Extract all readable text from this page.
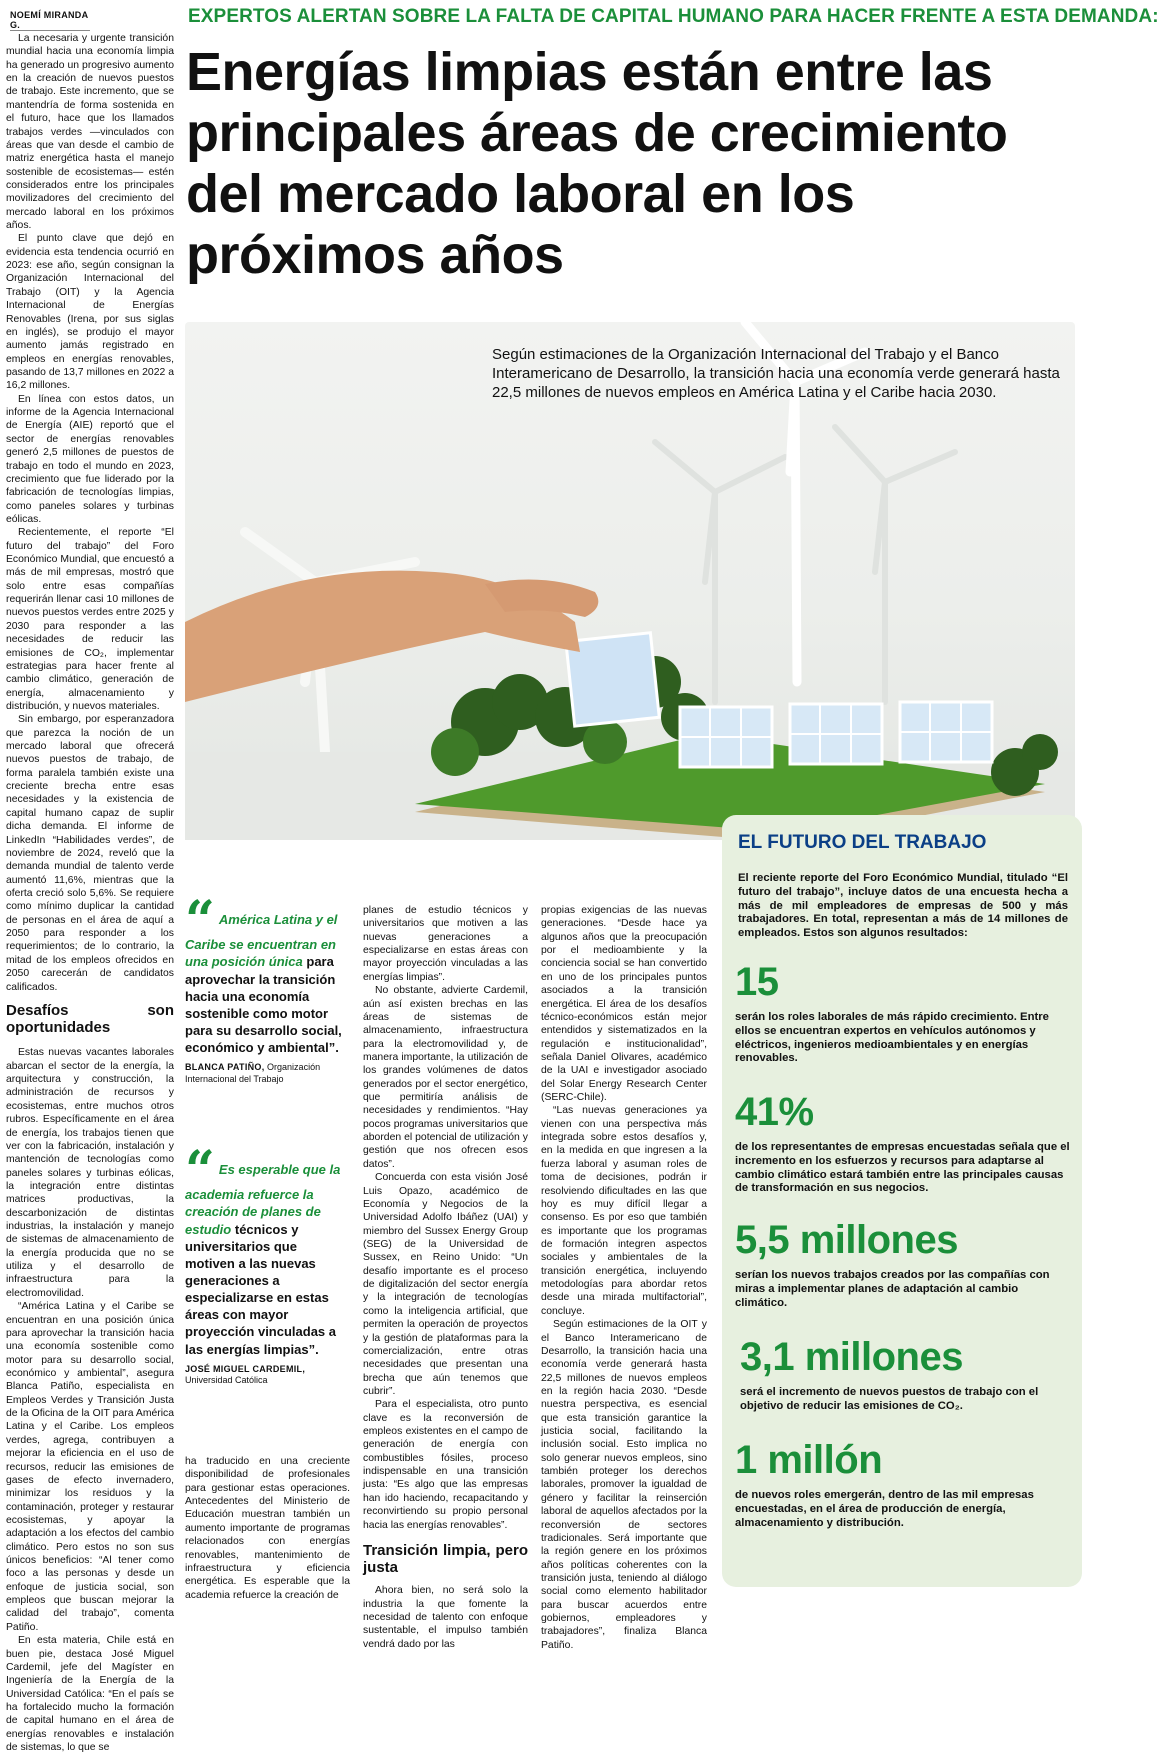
NOEMÍ MIRANDA G.	EXPERTOS ALERTAN SOBRE LA FALTA DE CAPITAL HUMANO PARA HACER FRENTE A ESTA DEMANDA:
Energías limpias están entre las principales áreas de crecimiento del mercado laboral en los próximos años

La necesaria y urgente transición mundial hacia una economía limpia ha generado un progresivo aumento en la creación de nuevos puestos de trabajo. Este incremento, que se mantendría de forma sostenida en el futuro, hace que los llamados trabajos verdes —vinculados con áreas que van desde el cambio de matriz energética hasta el manejo sostenible de ecosistemas— estén considerados entre los principales movilizadores del crecimiento del mercado laboral en los próximos años.

El punto clave que dejó en evidencia esta tendencia ocurrió en 2023: ese año, según consignan la Organización Internacional del Trabajo (OIT) y la Agencia Internacional de Energías Renovables (Irena, por sus siglas en inglés), se produjo el mayor aumento jamás registrado en empleos en energías renovables, pasando de 13,7 millones en 2022 a 16,2 millones.

En línea con estos datos, un informe de la Agencia Internacional de Energía (AIE) reportó que el sector de energías renovables generó 2,5 millones de puestos de trabajo en todo el mundo en 2023, crecimiento que fue liderado por la fabricación de tecnologías limpias, como paneles solares y turbinas eólicas.

Recientemente, el reporte “El futuro del trabajo” del Foro Económico Mundial, que encuestó a más de mil empresas, mostró que solo entre esas compañías requerirán llenar casi 10 millones de nuevos puestos verdes entre 2025 y 2030 para responder a las necesidades de reducir las emisiones de CO₂, implementar estrategias para hacer frente al cambio climático, generación de energía, almacenamiento y distribución, y nuevos materiales.

Sin embargo, por esperanzadora que parezca la noción de un mercado laboral que ofrecerá nuevos puestos de trabajo, de forma paralela también existe una creciente brecha entre esas necesidades y la existencia de capital humano capaz de suplir dicha demanda. El informe de LinkedIn “Habilidades verdes”, de noviembre de 2024, reveló que la demanda mundial de talento verde aumentó 11,6%, mientras que la oferta creció solo 5,6%. Se requiere como mínimo duplicar la cantidad de personas en el área de aquí a 2050 para responder a los requerimientos; de lo contrario, la mitad de los empleos ofrecidos en 2050 carecerán de candidatos calificados.

Desafíos son oportunidades

Estas nuevas vacantes laborales abarcan el sector de la energía, la arquitectura y construcción, la administración de recursos y ecosistemas, entre muchos otros rubros. Específicamente en el área de energía, los trabajos tienen que ver con la fabricación, instalación y mantención de tecnologías como paneles solares y turbinas eólicas, la integración entre distintas matrices productivas, la descarbonización de distintas industrias, la instalación y manejo de sistemas de almacenamiento de la energía producida que no se utiliza y el desarrollo de infraestructura para la electromovilidad.

“América Latina y el Caribe se encuentran en una posición única para aprovechar la transición hacia una economía sostenible como motor para su desarrollo social, económico y ambiental”, asegura Blanca Patiño, especialista en Empleos Verdes y Transición Justa de la Oficina de la OIT para América Latina y el Caribe. Los empleos verdes, agrega, contribuyen a mejorar la eficiencia en el uso de recursos, reducir las emisiones de gases de efecto invernadero, minimizar los residuos y la contaminación, proteger y restaurar ecosistemas, y apoyar la adaptación a los efectos del cambio climático. Pero estos no son sus únicos beneficios: “Al tener como foco a las personas y desde un enfoque de justicia social, son empleos que buscan mejorar la calidad del trabajo”, comenta Patiño.

En esta materia, Chile está en buen pie, destaca José Miguel Cardemil, jefe del Magíster en Ingeniería de la Energía de la Universidad Católica: “En el país se ha fortalecido mucho la formación de capital humano en el área de energías renovables e instalación de sistemas, lo que se

Según estimaciones de la Organización Internacional del Trabajo y el Banco Interamericano de Desarrollo, la transición hacia una economía verde generará hasta 22,5 millones de nuevos empleos en América Latina y el Caribe hacia 2030.
“ América Latina y el Caribe se encuentran en una posición única para aprovechar la transición hacia una economía sostenible como motor para su desarrollo social, económico y ambiental”.
BLANCA PATIÑO, Organización Internacional del Trabajo
“ Es esperable que la academia refuerce la creación de planes de estudio técnicos y universitarios que motiven a las nuevas generaciones a especializarse en estas áreas con mayor proyección vinculadas a las energías limpias”.
JOSÉ MIGUEL CARDEMIL, Universidad Católica

ha traducido en una creciente disponibilidad de profesionales para gestionar estas operaciones. Antecedentes del Ministerio de Educación muestran también un aumento importante de programas relacionados con energías renovables, mantenimiento de infraestructura y eficiencia energética. Es esperable que la academia refuerce la creación de

planes de estudio técnicos y universitarios que motiven a las nuevas generaciones a especializarse en estas áreas con mayor proyección vinculadas a las energías limpias”.

No obstante, advierte Cardemil, aún así existen brechas en las áreas de sistemas de almacenamiento, infraestructura para la electromovilidad y, de manera importante, la utilización de los grandes volúmenes de datos generados por el sector energético, que permitiría análisis de necesidades y rendimientos. “Hay pocos programas universitarios que aborden el potencial de utilización y gestión que nos ofrecen esos datos”.

Concuerda con esta visión José Luis Opazo, académico de Economía y Negocios de la Universidad Adolfo Ibáñez (UAI) y miembro del Sussex Energy Group (SEG) de la Universidad de Sussex, en Reino Unido: “Un desafío importante es el proceso de digitalización del sector energía y la integración de tecnologías como la inteligencia artificial, que permiten la operación de proyectos y la gestión de plataformas para la comercialización, entre otras necesidades que presentan una brecha que aún tenemos que cubrir”.

Para el especialista, otro punto clave es la reconversión de empleos existentes en el campo de generación de energía con combustibles fósiles, proceso indispensable en una transición justa: “Es algo que las empresas han ido haciendo, recapacitando y reconvirtiendo su propio personal hacia las energías renovables”.

Transición limpia, pero justa

Ahora bien, no será solo la industria la que fomente la necesidad de talento con enfoque sustentable, el impulso también vendrá dado por las

propias exigencias de las nuevas generaciones. “Desde hace ya algunos años que la preocupación por el medioambiente y la conciencia social se han convertido en uno de los principales puntos asociados a la transición energética. El área de los desafíos técnico-económicos están mejor entendidos y sistematizados en la regulación e institucionalidad”, señala Daniel Olivares, académico de la UAI e investigador asociado del Solar Energy Research Center (SERC-Chile).

“Las nuevas generaciones ya vienen con una perspectiva más integrada sobre estos desafíos y, en la medida en que ingresen a la fuerza laboral y asuman roles de toma de decisiones, podrán ir resolviendo dificultades en las que hoy es muy difícil llegar a consenso. Es por eso que también es importante que los programas de formación integren aspectos sociales y ambientales de la transición energética, incluyendo metodologías para abordar retos desde una mirada multifactorial”, concluye.

Según estimaciones de la OIT y el Banco Interamericano de Desarrollo, la transición hacia una economía verde generará hasta 22,5 millones de nuevos empleos en la región hacia 2030. “Desde nuestra perspectiva, es esencial que esta transición garantice la justicia social, facilitando la inclusión social. Esto implica no solo generar nuevos empleos, sino también proteger los derechos laborales, promover la igualdad de género y facilitar la reinserción laboral de aquellos afectados por la reconversión de sectores tradicionales. Será importante que la región genere en los próximos años políticas coherentes con la transición justa, teniendo al diálogo social como elemento habilitador para buscar acuerdos entre gobiernos, empleadores y trabajadores”, finaliza Blanca Patiño.

EL FUTURO DEL TRABAJO
El reciente reporte del Foro Económico Mundial, titulado “El futuro del trabajo”, incluye datos de una encuesta hecha a más de mil empleadores de empresas de 500 y más trabajadores. En total, representan a más de 14 millones de empleados. Estos son algunos resultados:
15
serán los roles laborales de más rápido crecimiento. Entre ellos se encuentran expertos en vehículos autónomos y eléctricos, ingenieros medioambientales y en energías renovables.
41%
de los representantes de empresas encuestadas señala que el incremento en los esfuerzos y recursos para adaptarse al cambio climático estará también entre las principales causas de transformación en sus negocios.
5,5 millones
serían los nuevos trabajos creados por las compañías con miras a implementar planes de adaptación al cambio climático.
3,1 millones
será el incremento de nuevos puestos de trabajo con el objetivo de reducir las emisiones de CO₂.
1 millón
de nuevos roles emergerán, dentro de las mil empresas encuestadas, en el área de producción de energía, almacenamiento y distribución.
